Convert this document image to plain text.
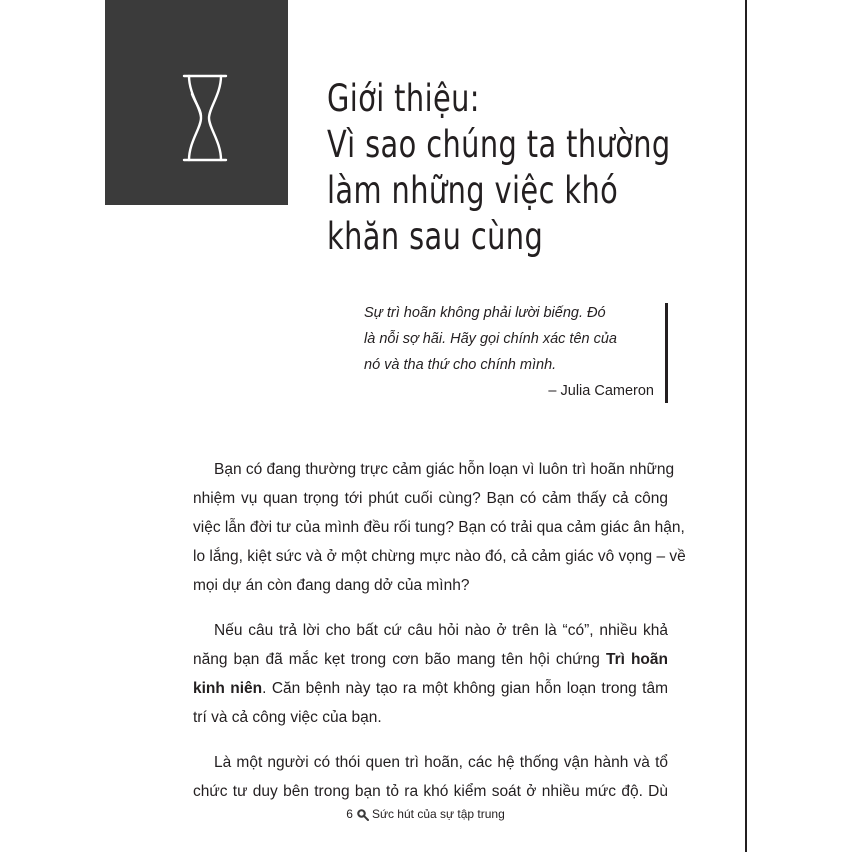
Giới thiệu:
Vì sao chúng ta thường
làm những việc khó
khăn sau cùng
Sự trì hoãn không phải lười biếng. Đó
là nỗi sợ hãi. Hãy gọi chính xác tên của
nó và tha thứ cho chính mình.
– Julia Cameron

Bạn có đang thường trực cảm giác hỗn loạn vì luôn trì hoãn những
nhiệm vụ quan trọng tới phút cuối cùng? Bạn có cảm thấy cả công
việc lẫn đời tư của mình đều rối tung? Bạn có trải qua cảm giác ân hận,
lo lắng, kiệt sức và ở một chừng mực nào đó, cả cảm giác vô vọng – về
mọi dự án còn đang dang dở của mình?

Nếu câu trả lời cho bất cứ câu hỏi nào ở trên là “có”, nhiều khả
năng bạn đã mắc kẹt trong cơn bão mang tên hội chứng Trì hoãn
kinh niên. Căn bệnh này tạo ra một không gian hỗn loạn trong tâm
trí và cả công việc của bạn.

Là một người có thói quen trì hoãn, các hệ thống vận hành và tổ
chức tư duy bên trong bạn tỏ ra khó kiểm soát ở nhiều mức độ. Dù

6 Sức hút của sự tập trung
